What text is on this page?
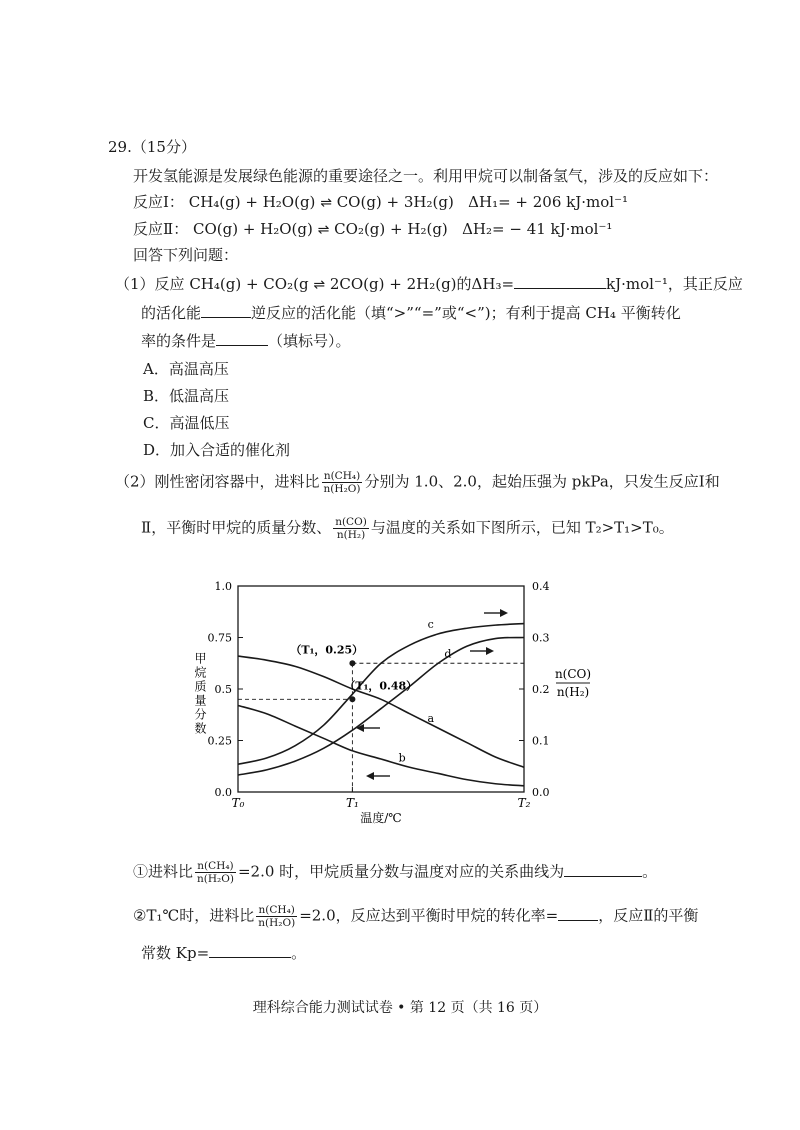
29.（15分）
开发氢能源是发展绿色能源的重要途径之一。利用甲烷可以制备氢气，涉及的反应如下：
反应Ⅰ： CH₄(g) + H₂O(g) ⇌ CO(g) + 3H₂(g) ΔH₁= + 206 kJ·mol⁻¹
反应Ⅱ： CO(g) + H₂O(g) ⇌ CO₂(g) + H₂(g) ΔH₂= − 41 kJ·mol⁻¹
回答下列问题：
（1）反应 CH₄(g) + CO₂(g ⇌ 2CO(g) + 2H₂(g)的ΔH₃=	kJ·mol⁻¹，其正反应
的活化能	逆反应的活化能（填“>”“=”或“<”)；有利于提高 CH₄ 平衡转化
率的条件是	（填标号）。
A．高温高压
B．低温高压
C．高温低压
D．加入合适的催化剂
（2）刚性密闭容器中，进料比 $\frac{\text{n(CH₄)}}{\text{n(H₂O)}}$ 分别为 1.0、2.0，起始压强为 pkPa，只发生反应Ⅰ和
Ⅱ，平衡时甲烷的质量分数、 $\frac{n(CO)}{\text{n(H₂)}}$ 与温度的关系如下图所示，已知 T₂>T₁>T₀。
1.0
0.75
0.5
0.25
0.0
0.4
0.3
0.2
0.1
0.0
T₀	T₁	T₂
a
b
c
d
（T₁，0.25）
（T₁，0.48）
甲烷质量分数	n(CO)
n(H₂)
温度/℃
①进料比 $\frac{\text{n(CH₄)}}{\text{n(H₂O)}} =2.0$ 时，甲烷质量分数与温度对应的关系曲线为	。
②T₁℃时，进料比 $\frac{\text{n(CH₄)}}{\text{n(H₂O)}} =2.0$，反应达到平衡时甲烷的转化率=	，反应Ⅱ的平衡
常数 Kp=	。
理科综合能力测试试卷 • 第 12 页（共 16 页）
